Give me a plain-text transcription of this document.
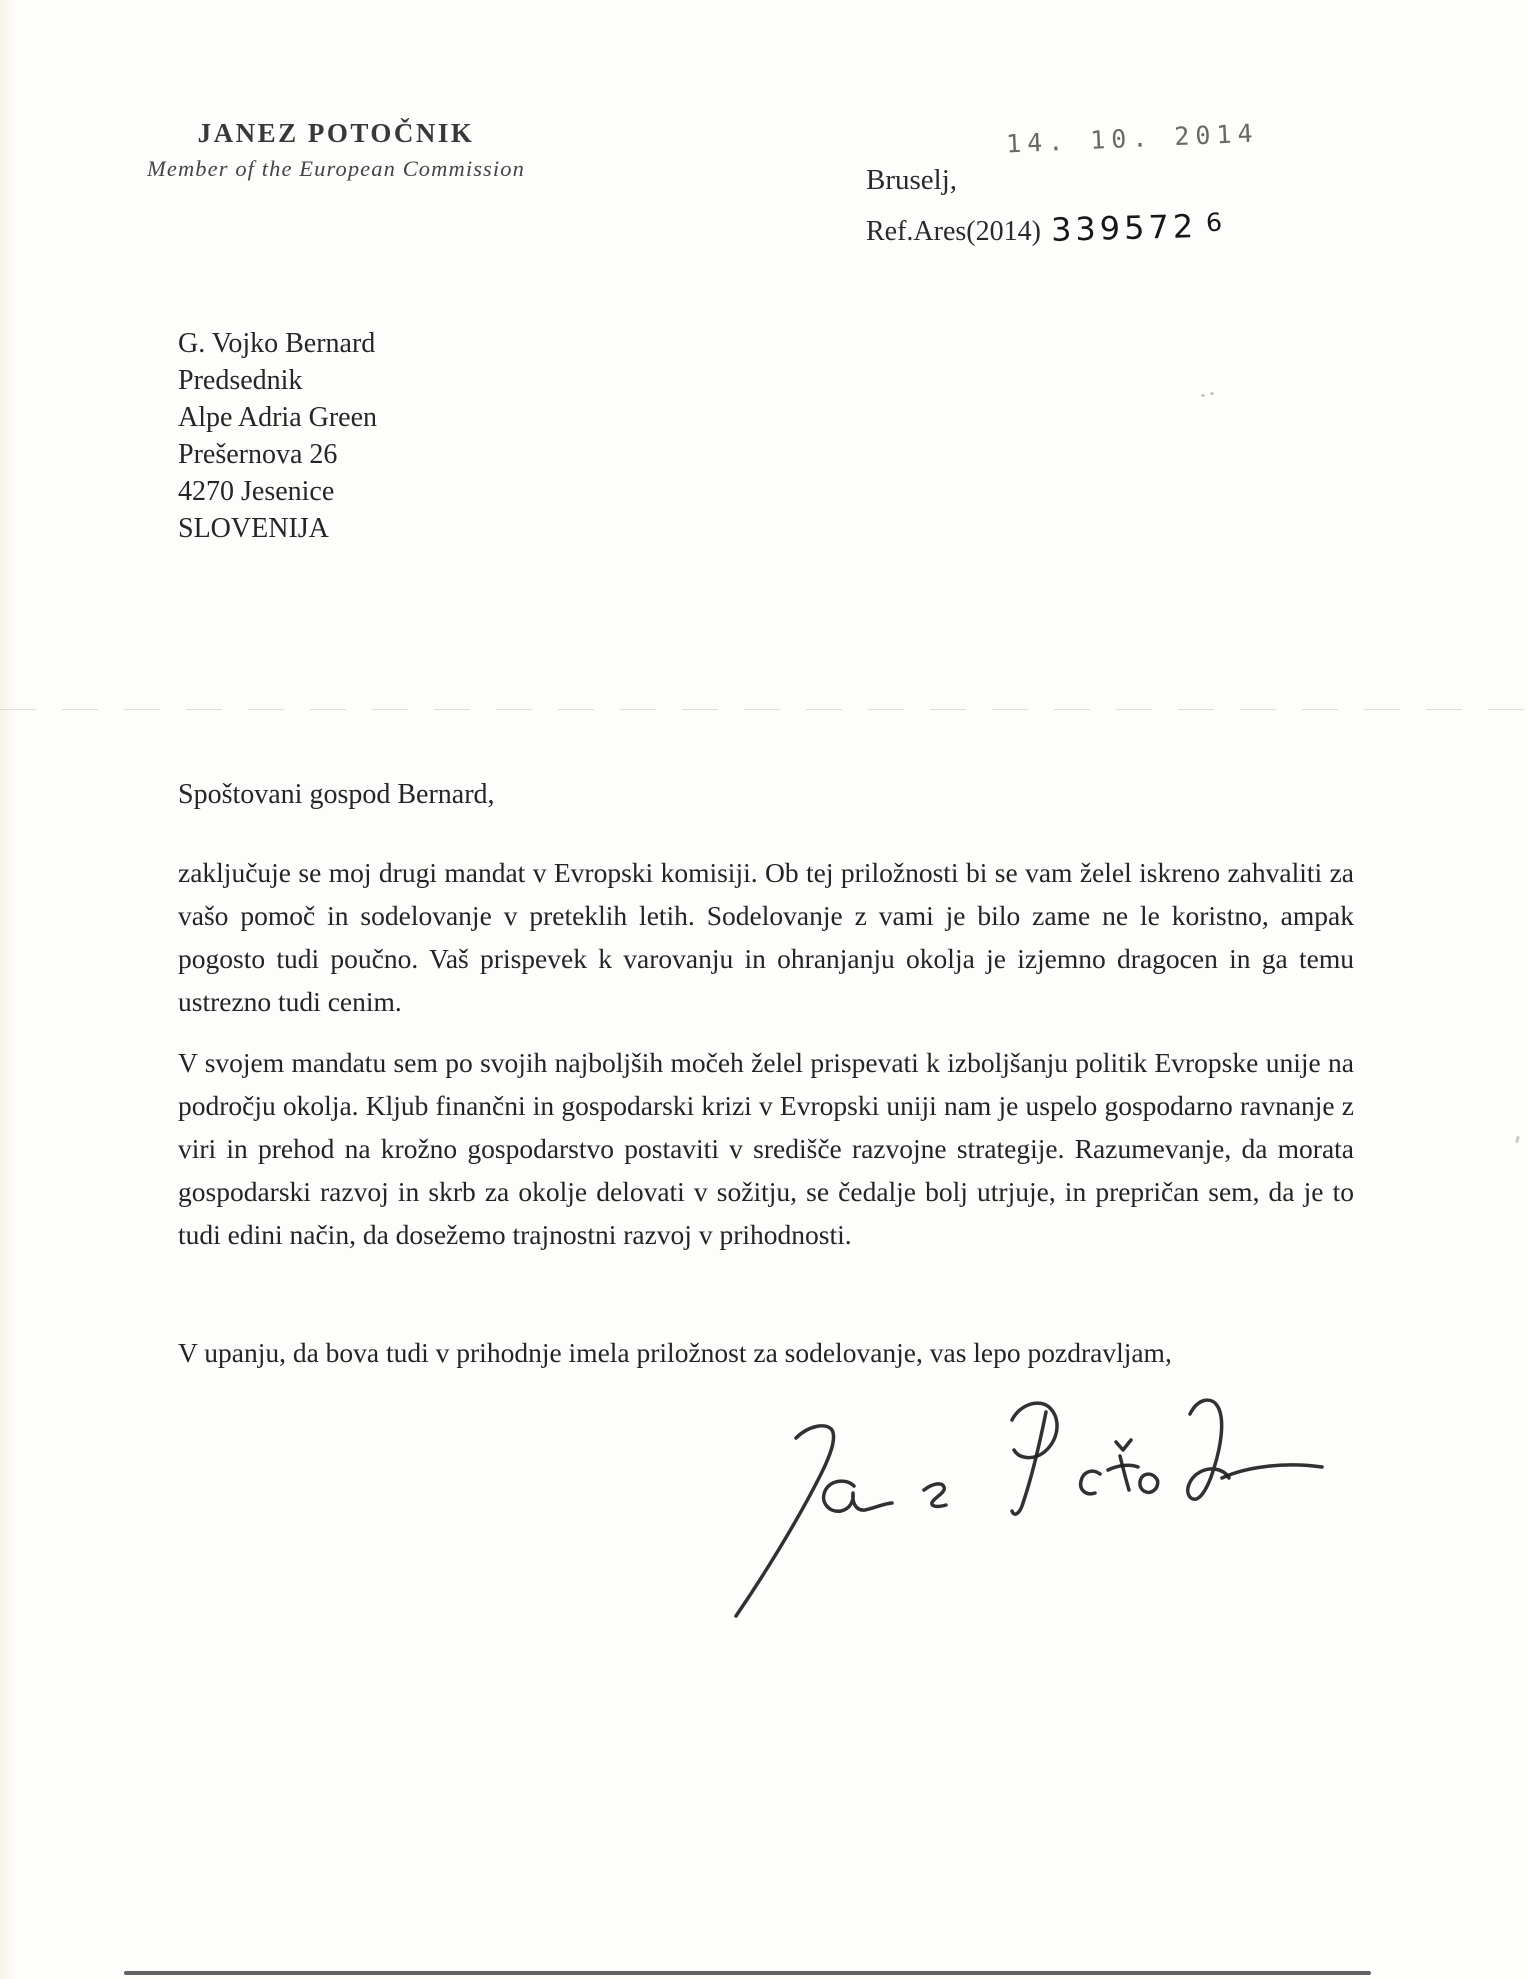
JANEZ POTOČNIK
Member of the European Commission
14. 10. 2014
Bruselj,
Ref.Ares(2014) 339572 6
G. Vojko Bernard
Predsednik
Alpe Adria Green
Prešernova 26
4270 Jesenice
SLOVENIJA
Spoštovani gospod Bernard,

zaključuje se moj drugi mandat v Evropski komisiji. Ob tej priložnosti bi se vam želel iskreno zahvaliti za vašo pomoč in sodelovanje v preteklih letih. Sodelovanje z vami je bilo zame ne le koristno, ampak pogosto tudi poučno. Vaš prispevek k varovanju in ohranjanju okolja je izjemno dragocen in ga temu ustrezno tudi cenim.

V svojem mandatu sem po svojih najboljših močeh želel prispevati k izboljšanju politik Evropske unije na področju okolja. Kljub finančni in gospodarski krizi v Evropski uniji nam je uspelo gospodarno ravnanje z viri in prehod na krožno gospodarstvo postaviti v središče razvojne strategije. Razumevanje, da morata gospodarski razvoj in skrb za okolje delovati v sožitju, se čedalje bolj utrjuje, in prepričan sem, da je to tudi edini način, da dosežemo trajnostni razvoj v prihodnosti.

V upanju, da bova tudi v prihodnje imela priložnost za sodelovanje, vas lepo pozdravljam,
